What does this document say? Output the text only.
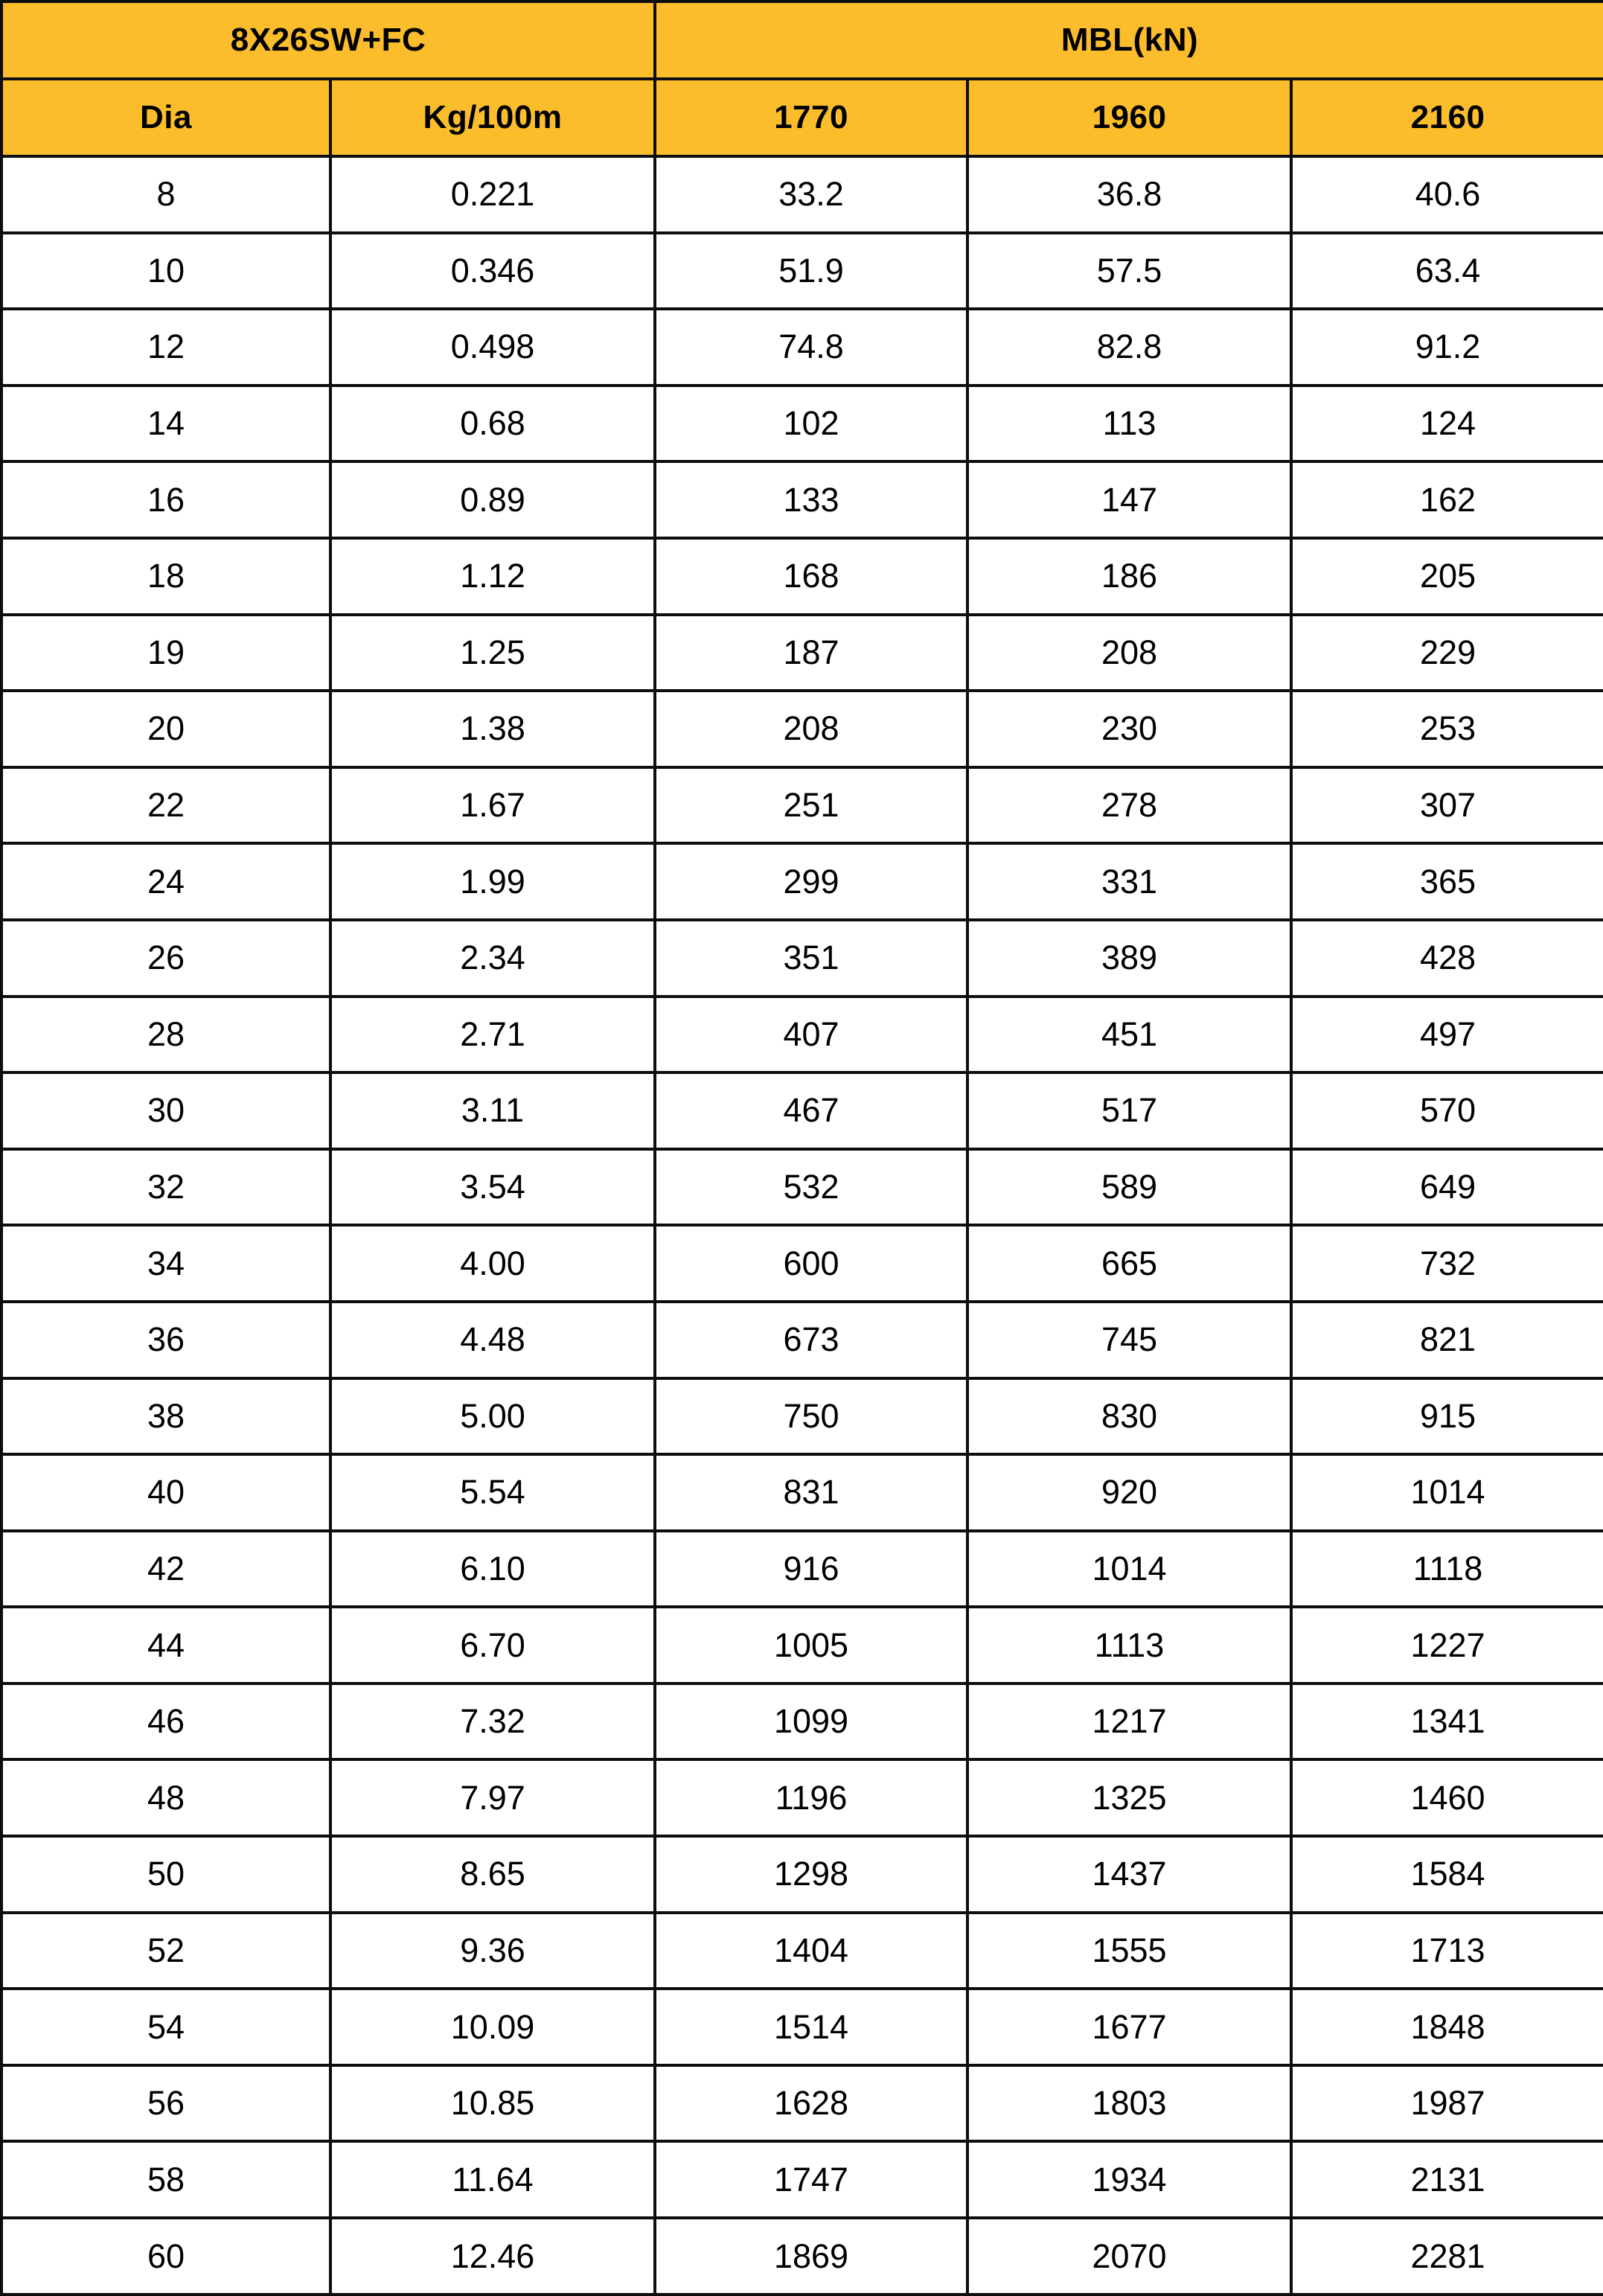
8X26SW+FC		MBL(kN)		
Dia	Kg/100m	1770	1960	2160
8	0.221	33.2	36.8	40.6
10	0.346	51.9	57.5	63.4
12	0.498	74.8	82.8	91.2
14	0.68	102	113	124
16	0.89	133	147	162
18	1.12	168	186	205
19	1.25	187	208	229
20	1.38	208	230	253
22	1.67	251	278	307
24	1.99	299	331	365
26	2.34	351	389	428
28	2.71	407	451	497
30	3.11	467	517	570
32	3.54	532	589	649
34	4.00	600	665	732
36	4.48	673	745	821
38	5.00	750	830	915
40	5.54	831	920	1014
42	6.10	916	1014	1118
44	6.70	1005	1113	1227
46	7.32	1099	1217	1341
48	7.97	1196	1325	1460
50	8.65	1298	1437	1584
52	9.36	1404	1555	1713
54	10.09	1514	1677	1848
56	10.85	1628	1803	1987
58	11.64	1747	1934	2131
60	12.46	1869	2070	2281
